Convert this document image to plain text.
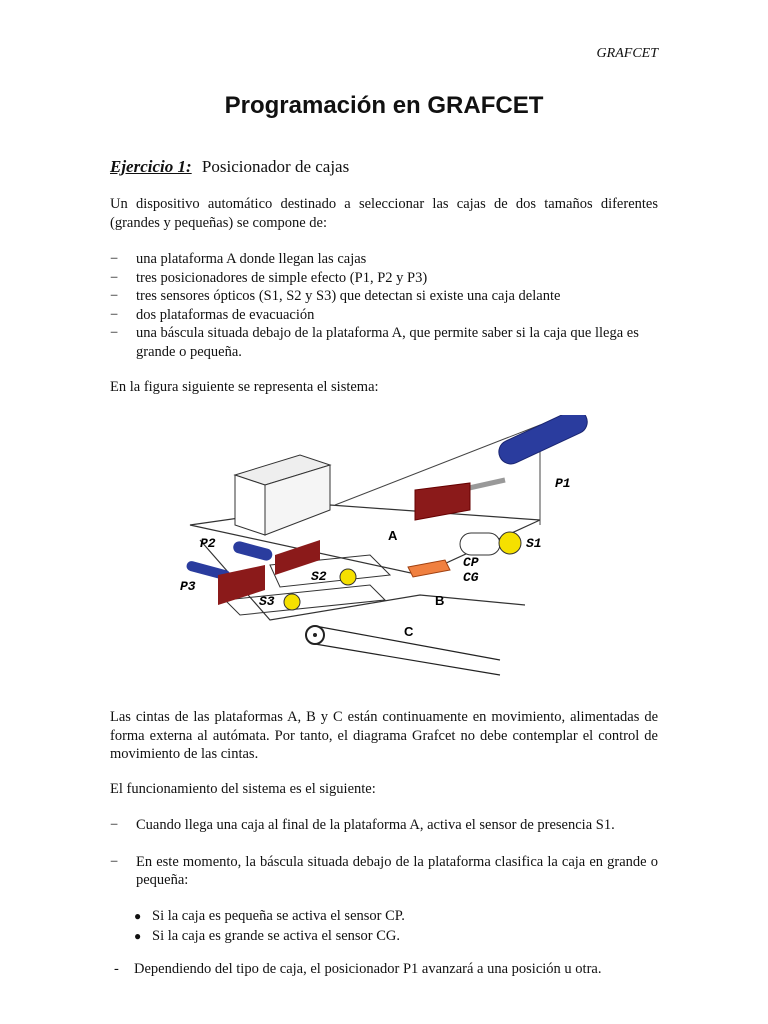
GRAFCET
Programación en GRAFCET
Ejercicio 1: Posicionador de cajas
Un dispositivo automático destinado a seleccionar las cajas de dos tamaños diferentes (grandes y pequeñas) se compone de:
− una plataforma A donde llegan las cajas
− tres posicionadores de simple efecto (P1, P2 y P3)
− tres sensores ópticos (S1, S2 y S3) que detectan si existe una caja delante
− dos plataformas de evacuación
− una báscula situada debajo de la plataforma A, que permite saber si la caja que llega es grande o pequeña.
En la figura siguiente se representa el sistema:
P1
P2
P3
S1
S2
S3
CP
CG
A
B
C
Las cintas de las plataformas A, B y C están continuamente en movimiento, alimentadas de forma externa al autómata. Por tanto, el diagrama Grafcet no debe contemplar el control de movimiento de las cintas.
El funcionamiento del sistema es el siguiente:
− Cuando llega una caja al final de la plataforma A, activa el sensor de presencia S1.
− En este momento, la báscula situada debajo de la plataforma clasifica la caja en grande o pequeña:
● Si la caja es pequeña se activa el sensor CP.
● Si la caja es grande se activa el sensor CG.
- Dependiendo del tipo de caja, el posicionador P1 avanzará a una posición u otra.
